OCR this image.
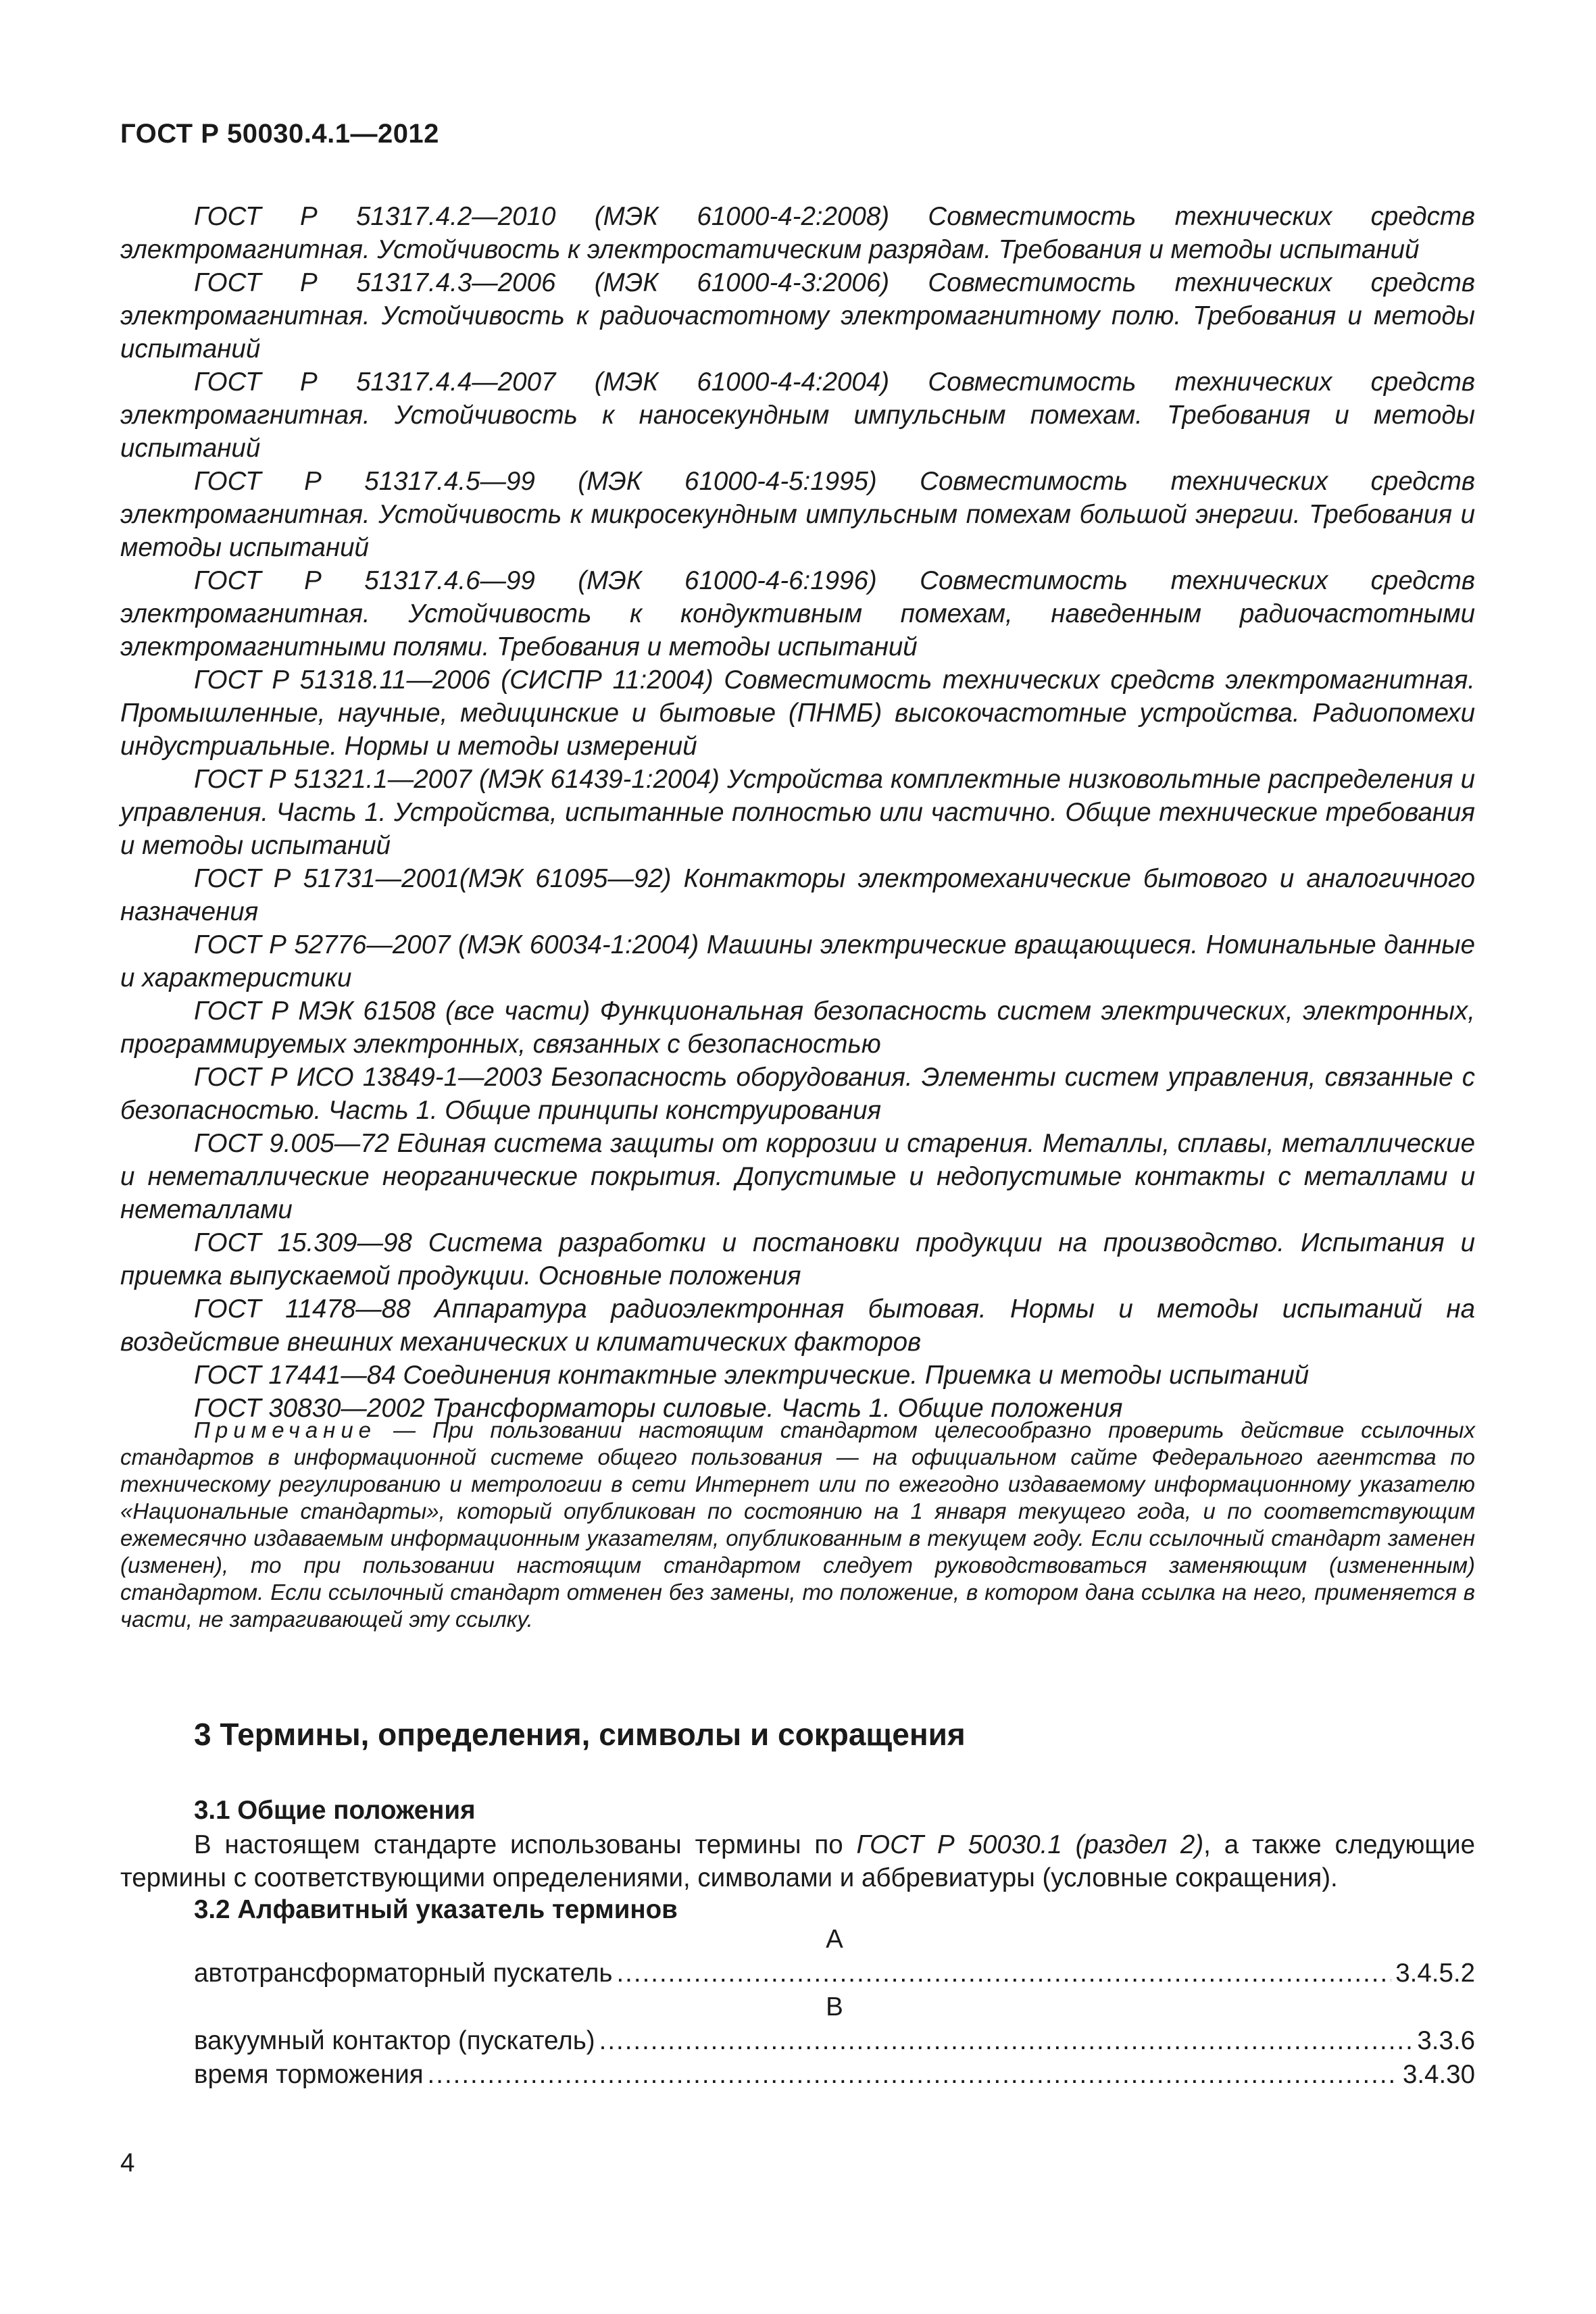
ГОСТ Р 50030.4.1—2012

ГОСТ Р 51317.4.2—2010 (МЭК 61000-4-2:2008) Совместимость технических средств электромагнитная. Устойчивость к электростатическим разрядам. Требования и методы испытаний

ГОСТ Р 51317.4.3—2006 (МЭК 61000-4-3:2006) Совместимость технических средств электромагнитная. Устойчивость к радиочастотному электромагнитному полю. Требования и методы испытаний

ГОСТ Р 51317.4.4—2007 (МЭК 61000-4-4:2004) Совместимость технических средств электромагнитная. Устойчивость к наносекундным импульсным помехам. Требования и методы испытаний

ГОСТ Р 51317.4.5—99 (МЭК 61000-4-5:1995) Совместимость технических средств электромагнитная. Устойчивость к микросекундным импульсным помехам большой энергии. Требования и методы испытаний

ГОСТ Р 51317.4.6—99 (МЭК 61000-4-6:1996) Совместимость технических средств электромагнитная. Устойчивость к кондуктивным помехам, наведенным радиочастотными электромагнитными полями. Требования и методы испытаний

ГОСТ Р 51318.11—2006 (СИСПР 11:2004) Совместимость технических средств электромагнитная. Промышленные, научные, медицинские и бытовые (ПНМБ) высокочастотные устройства. Радиопомехи индустриальные. Нормы и методы измерений

ГОСТ Р 51321.1—2007 (МЭК 61439-1:2004) Устройства комплектные низковольтные распределения и управления. Часть 1. Устройства, испытанные полностью или частично. Общие технические требования и методы испытаний

ГОСТ Р 51731—2001(МЭК 61095—92) Контакторы электромеханические бытового и аналогичного назначения

ГОСТ Р 52776—2007 (МЭК 60034-1:2004) Машины электрические вращающиеся. Номинальные данные и характеристики

ГОСТ Р МЭК 61508 (все части) Функциональная безопасность систем электрических, электронных, программируемых электронных, связанных с безопасностью

ГОСТ Р ИСО 13849-1—2003 Безопасность оборудования. Элементы систем управления, связанные с безопасностью. Часть 1. Общие принципы конструирования

ГОСТ 9.005—72 Единая система защиты от коррозии и старения. Металлы, сплавы, металлические и неметаллические неорганические покрытия. Допустимые и недопустимые контакты с металлами и неметаллами

ГОСТ 15.309—98 Система разработки и постановки продукции на производство. Испытания и приемка выпускаемой продукции. Основные положения

ГОСТ 11478—88 Аппаратура радиоэлектронная бытовая. Нормы и методы испытаний на воздействие внешних механических и климатических факторов

ГОСТ 17441—84 Соединения контактные электрические. Приемка и методы испытаний

ГОСТ 30830—2002 Трансформаторы силовые. Часть 1. Общие положения

Примечание — При пользовании настоящим стандартом целесообразно проверить действие ссылочных стандартов в информационной системе общего пользования — на официальном сайте Федерального агентства по техническому регулированию и метрологии в сети Интернет или по ежегодно издаваемому информационному указателю «Национальные стандарты», который опубликован по состоянию на 1 января текущего года, и по соответствующим ежемесячно издаваемым информационным указателям, опубликованным в текущем году. Если ссылочный стандарт заменен (изменен), то при пользовании настоящим стандартом следует руководствоваться заменяющим (измененным) стандартом. Если ссылочный стандарт отменен без замены, то положение, в котором дана ссылка на него, применяется в части, не затрагивающей эту ссылку.

3 Термины, определения, символы и сокращения
3.1 Общие положения

В настоящем стандарте использованы термины по ГОСТ Р 50030.1 (раздел 2), а также следующие термины с соответствующими определениями, символами и аббревиатуры (условные сокращения).

3.2 Алфавитный указатель терминов
А
автотрансформаторный пускатель .....	3.4.5.2
В
вакуумный контактор (пускатель) .....	3.3.6
время торможения .....	3.4.30
4
